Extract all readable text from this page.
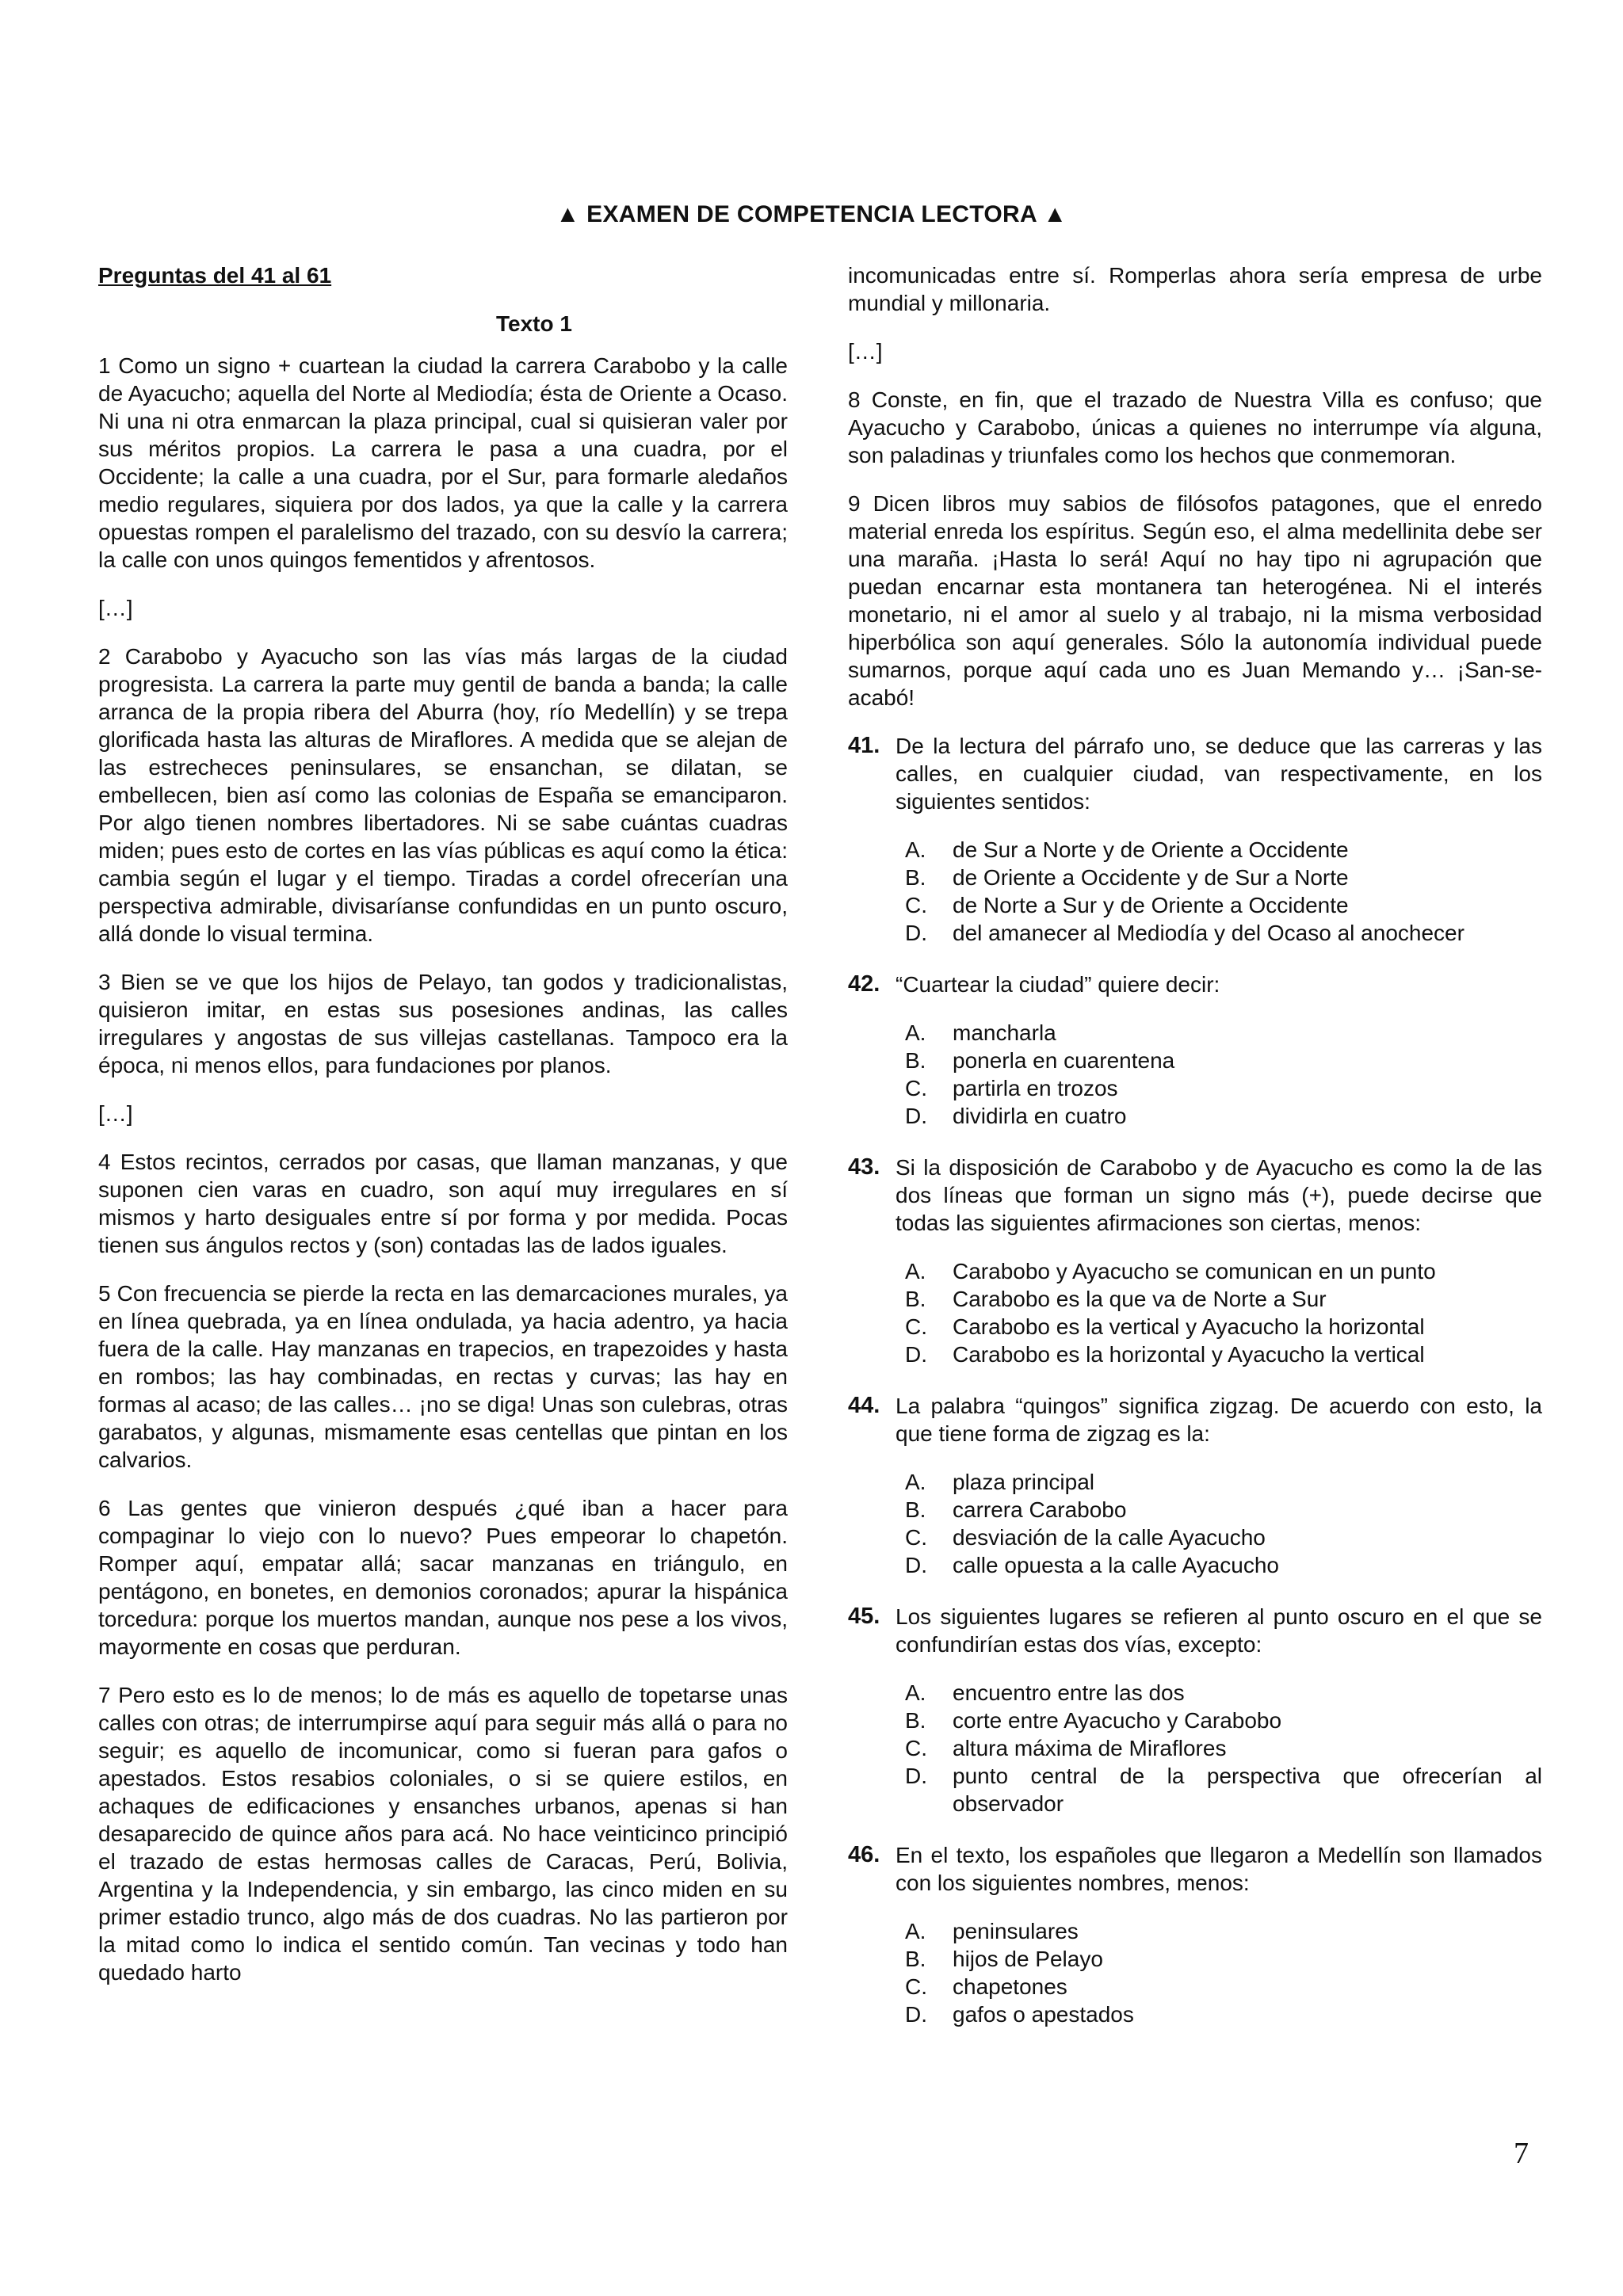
▲ EXAMEN DE COMPETENCIA LECTORA ▲
Preguntas del 41 al 61
Texto 1

1 Como un signo + cuartean la ciudad la carrera Carabobo y la calle de Ayacucho; aquella del Norte al Mediodía; ésta de Oriente a Ocaso. Ni una ni otra enmarcan la plaza principal, cual si quisieran valer por sus méritos propios. La carrera le pasa a una cuadra, por el Occidente; la calle a una cuadra, por el Sur, para formarle aledaños medio regulares, siquiera por dos lados, ya que la calle y la carrera opuestas rompen el paralelismo del trazado, con su desvío la carrera; la calle con unos quingos fementidos y afrentosos.

[…]

2 Carabobo y Ayacucho son las vías más largas de la ciudad progresista. La carrera la parte muy gentil de banda a banda; la calle arranca de la propia ribera del Aburra (hoy, río Medellín) y se trepa glorificada hasta las alturas de Miraflores. A medida que se alejan de las estrecheces peninsulares, se ensanchan, se dilatan, se embellecen, bien así como las colonias de España se emanciparon. Por algo tienen nombres libertadores. Ni se sabe cuántas cuadras miden; pues esto de cortes en las vías públicas es aquí como la ética: cambia según el lugar y el tiempo. Tiradas a cordel ofrecerían una perspectiva admirable, divisaríanse confundidas en un punto oscuro, allá donde lo visual termina.

3 Bien se ve que los hijos de Pelayo, tan godos y tradicionalistas, quisieron imitar, en estas sus posesiones andinas, las calles irregulares y angostas de sus villejas castellanas. Tampoco era la época, ni menos ellos, para fundaciones por planos.

[…]

4 Estos recintos, cerrados por casas, que llaman manzanas, y que suponen cien varas en cuadro, son aquí muy irregulares en sí mismos y harto desiguales entre sí por forma y por medida. Pocas tienen sus ángulos rectos y (son) contadas las de lados iguales.

5 Con frecuencia se pierde la recta en las demarcaciones murales, ya en línea quebrada, ya en línea ondulada, ya hacia adentro, ya hacia fuera de la calle. Hay manzanas en trapecios, en trapezoides y hasta en rombos; las hay combinadas, en rectas y curvas; las hay en formas al acaso; de las calles… ¡no se diga! Unas son culebras, otras garabatos, y algunas, mismamente esas centellas que pintan en los calvarios.

6 Las gentes que vinieron después ¿qué iban a hacer para compaginar lo viejo con lo nuevo? Pues empeorar lo chapetón. Romper aquí, empatar allá; sacar manzanas en triángulo, en pentágono, en bonetes, en demonios coronados; apurar la hispánica torcedura: porque los muertos mandan, aunque nos pese a los vivos, mayormente en cosas que perduran.

7 Pero esto es lo de menos; lo de más es aquello de topetarse unas calles con otras; de interrumpirse aquí para seguir más allá o para no seguir; es aquello de incomunicar, como si fueran para gafos o apestados. Estos resabios coloniales, o si se quiere estilos, en achaques de edificaciones y ensanches urbanos, apenas si han desaparecido de quince años para acá. No hace veinticinco principió el trazado de estas hermosas calles de Caracas, Perú, Bolivia, Argentina y la Independencia, y sin embargo, las cinco miden en su primer estadio trunco, algo más de dos cuadras. No las partieron por la mitad como lo indica el sentido común. Tan vecinas y todo han quedado harto

incomunicadas entre sí. Romperlas ahora sería empresa de urbe mundial y millonaria.

[…]

8 Conste, en fin, que el trazado de Nuestra Villa es confuso; que Ayacucho y Carabobo, únicas a quienes no interrumpe vía alguna, son paladinas y triunfales como los hechos que conmemoran.

9 Dicen libros muy sabios de filósofos patagones, que el enredo material enreda los espíritus. Según eso, el alma medellinita debe ser una maraña. ¡Hasta lo será! Aquí no hay tipo ni agrupación que puedan encarnar esta montanera tan heterogénea. Ni el interés monetario, ni el amor al suelo y al trabajo, ni la misma verbosidad hiperbólica son aquí generales. Sólo la autonomía individual puede sumarnos, porque aquí cada uno es Juan Memando y… ¡San-se-acabó!

41. De la lectura del párrafo uno, se deduce que las carreras y las calles, en cualquier ciudad, van respectivamente, en los siguientes sentidos:
A.	de Sur a Norte y de Oriente a Occidente
B.	de Oriente a Occidente y de Sur a Norte
C.	de Norte a Sur y de Oriente a Occidente
D.	del amanecer al Mediodía y del Ocaso al anochecer
42. “Cuartear la ciudad” quiere decir:
A.	mancharla
B.	ponerla en cuarentena
C.	partirla en trozos
D.	dividirla en cuatro
43. Si la disposición de Carabobo y de Ayacucho es como la de las dos líneas que forman un signo más (+), puede decirse que todas las siguientes afirmaciones son ciertas, menos:
A.	Carabobo y Ayacucho se comunican en un punto
B.	Carabobo es la que va de Norte a Sur
C.	Carabobo es la vertical y Ayacucho la horizontal
D.	Carabobo es la horizontal y Ayacucho la vertical
44. La palabra “quingos” significa zigzag. De acuerdo con esto, la que tiene forma de zigzag es la:
A.	plaza principal
B.	carrera Carabobo
C.	desviación de la calle Ayacucho
D.	calle opuesta a la calle Ayacucho
45. Los siguientes lugares se refieren al punto oscuro en el que se confundirían estas dos vías, excepto:
A.	encuentro entre las dos
B.	corte entre Ayacucho y Carabobo
C.	altura máxima de Miraflores
D.	punto central de la perspectiva que ofrecerían al observador
46. En el texto, los españoles que llegaron a Medellín son llamados con los siguientes nombres, menos:
A.	peninsulares
B.	hijos de Pelayo
C.	chapetones
D.	gafos o apestados
7
